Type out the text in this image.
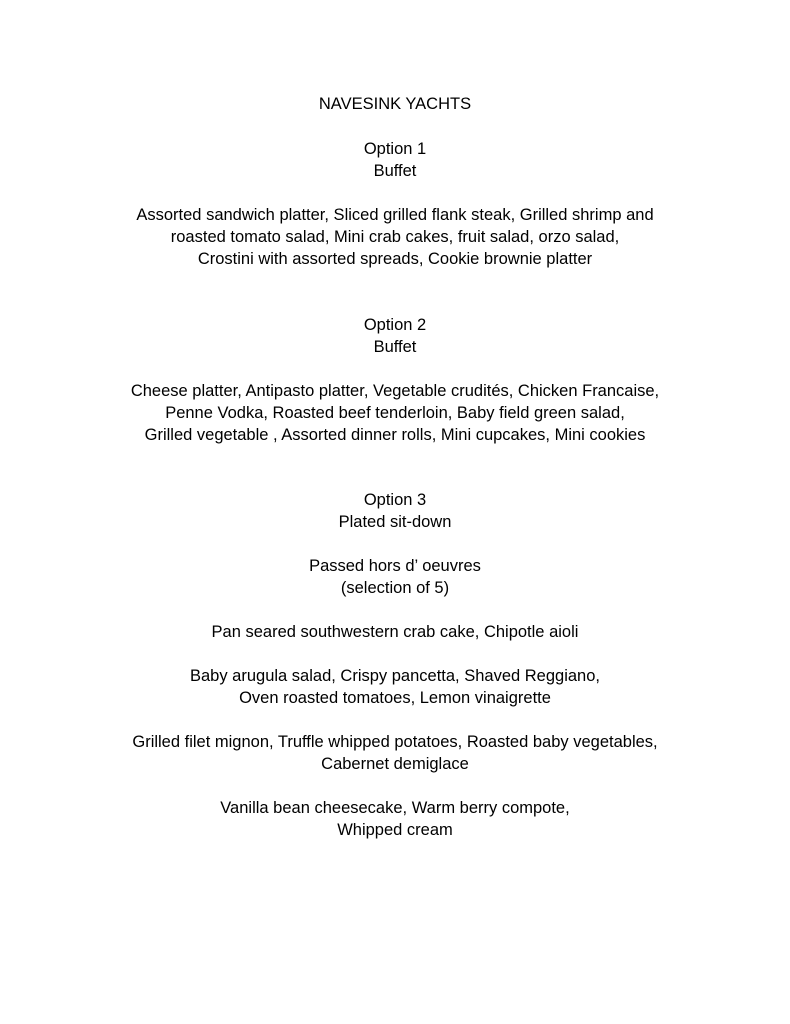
NAVESINK YACHTS
Option 1
Buffet
Assorted sandwich platter, Sliced grilled flank steak, Grilled shrimp and
roasted tomato salad, Mini crab cakes, fruit salad, orzo salad,
Crostini with assorted spreads, Cookie brownie platter
Option 2
Buffet
Cheese platter, Antipasto platter, Vegetable crudités, Chicken Francaise,
Penne Vodka, Roasted beef tenderloin, Baby field green salad,
Grilled vegetable , Assorted dinner rolls, Mini cupcakes, Mini cookies
Option 3
Plated sit-down
Passed hors d’ oeuvres
(selection of 5)
Pan seared southwestern crab cake, Chipotle aioli
Baby arugula salad, Crispy pancetta, Shaved Reggiano,
Oven roasted tomatoes, Lemon vinaigrette
Grilled filet mignon, Truffle whipped potatoes, Roasted baby vegetables,
Cabernet demiglace
Vanilla bean cheesecake, Warm berry compote,
Whipped cream
